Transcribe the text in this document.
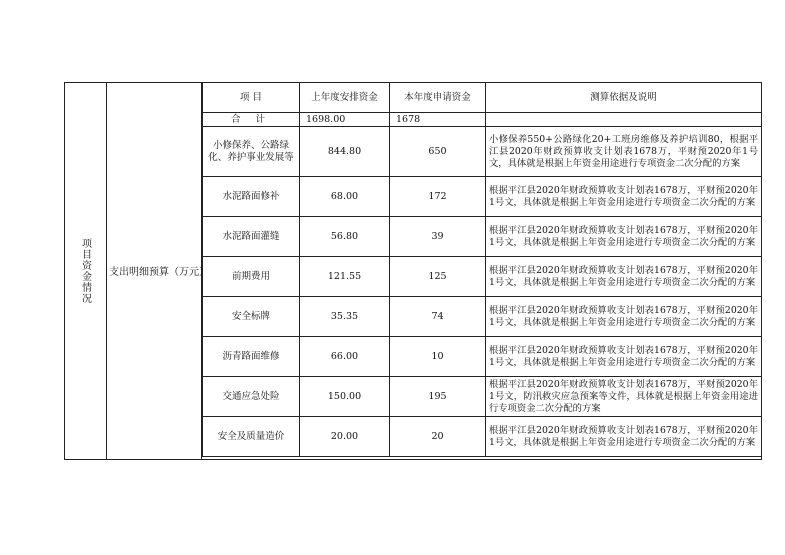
项目资金情况	支出明细预算（万元）
项 目	上年度安排资金	本年度申请资金	测算依据及说明
合 计	1698.00	1678	
小修保养、公路绿化、养护事业发展等	844.80	650	小修保养550+公路绿化20+工班房维修及养护培训80，根据平江县2020年财政预算收支计划表1678万，平财预2020年1号文，具体就是根据上年资金用途进行专项资金二次分配的方案
水泥路面修补	68.00	172	根据平江县2020年财政预算收支计划表1678万，平财预2020年1号文，具体就是根据上年资金用途进行专项资金二次分配的方案
水泥路面灌缝	56.80	39	根据平江县2020年财政预算收支计划表1678万，平财预2020年1号文，具体就是根据上年资金用途进行专项资金二次分配的方案
前期费用	121.55	125	根据平江县2020年财政预算收支计划表1678万，平财预2020年1号文，具体就是根据上年资金用途进行专项资金二次分配的方案
安全标牌	35.35	74	根据平江县2020年财政预算收支计划表1678万，平财预2020年1号文，具体就是根据上年资金用途进行专项资金二次分配的方案
沥青路面维修	66.00	10	根据平江县2020年财政预算收支计划表1678万，平财预2020年1号文，具体就是根据上年资金用途进行专项资金二次分配的方案
交通应急处险	150.00	195	根据平江县2020年财政预算收支计划表1678万，平财预2020年1号文，防汛救灾应急预案等文件，具体就是根据上年资金用途进行专项资金二次分配的方案
安全及质量造价	20.00	20	根据平江县2020年财政预算收支计划表1678万，平财预2020年1号文，具体就是根据上年资金用途进行专项资金二次分配的方案
